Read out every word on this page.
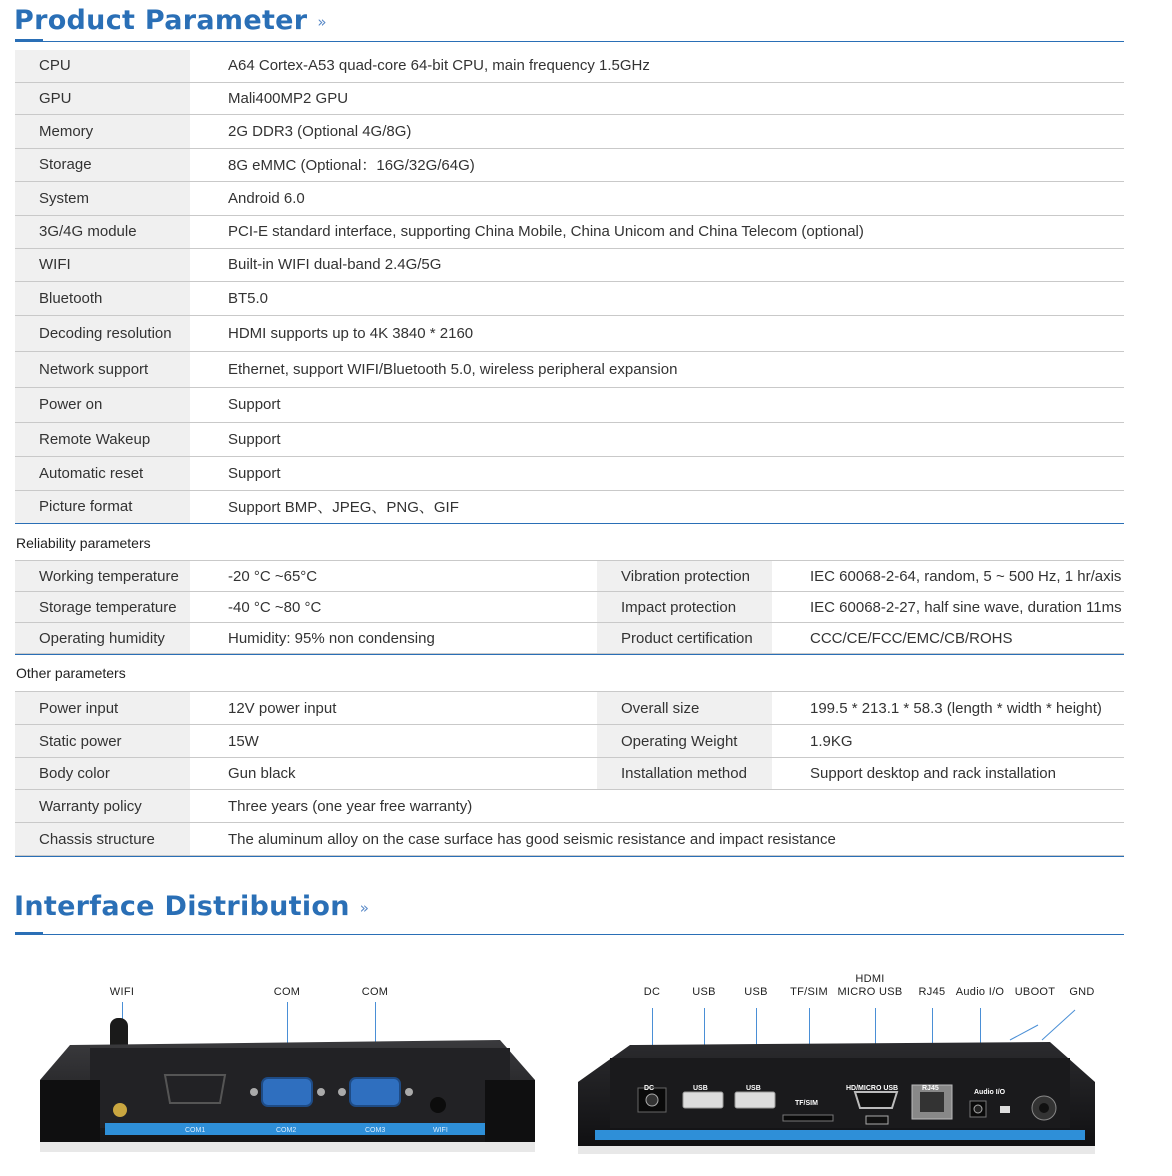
Product Parameter »
CPU	A64 Cortex-A53 quad-core 64-bit CPU, main frequency 1.5GHz
GPU	Mali400MP2 GPU
Memory	2G DDR3 (Optional 4G/8G)
Storage	8G eMMC (Optional：16G/32G/64G)
System	Android 6.0
3G/4G module	PCI-E standard interface, supporting China Mobile, China Unicom and China Telecom (optional)
WIFI	Built-in WIFI dual-band 2.4G/5G
Bluetooth	BT5.0
Decoding resolution	HDMI supports up to 4K 3840 * 2160
Network support	Ethernet, support WIFI/Bluetooth 5.0, wireless peripheral expansion
Power on	Support
Remote Wakeup	Support
Automatic reset	Support
Picture format	Support BMP、JPEG、PNG、GIF
Reliability parameters
Working temperature	-20 °C ~65°C	Vibration protection	IEC 60068-2-64, random, 5 ~ 500 Hz, 1 hr/axis
Storage temperature	-40 °C ~80 °C	Impact protection	IEC 60068-2-27, half sine wave, duration 11ms
Operating humidity	Humidity: 95% non condensing	Product certification	CCC/CE/FCC/EMC/CB/ROHS
Other parameters
Power input	12V power input	Overall size	199.5 * 213.1 * 58.3 (length * width * height)
Static power	15W	Operating Weight	1.9KG
Body color	Gun black	Installation method	Support desktop and rack installation
Warranty policy	Three years (one year free warranty)		
Chassis structure	The aluminum alloy on the case surface has good seismic resistance and impact resistance		
Interface Distribution »
WIFI	COM	COM
COM1	COM2	COM3	WIFI
DC	USB	USB	TF/SIM
HDMI
MICRO USB	RJ45 Audio I/O UBOOT	GND
DC	USB	USB
TF/SIM
HD/MICRO USB	RJ45
Audio I/O
